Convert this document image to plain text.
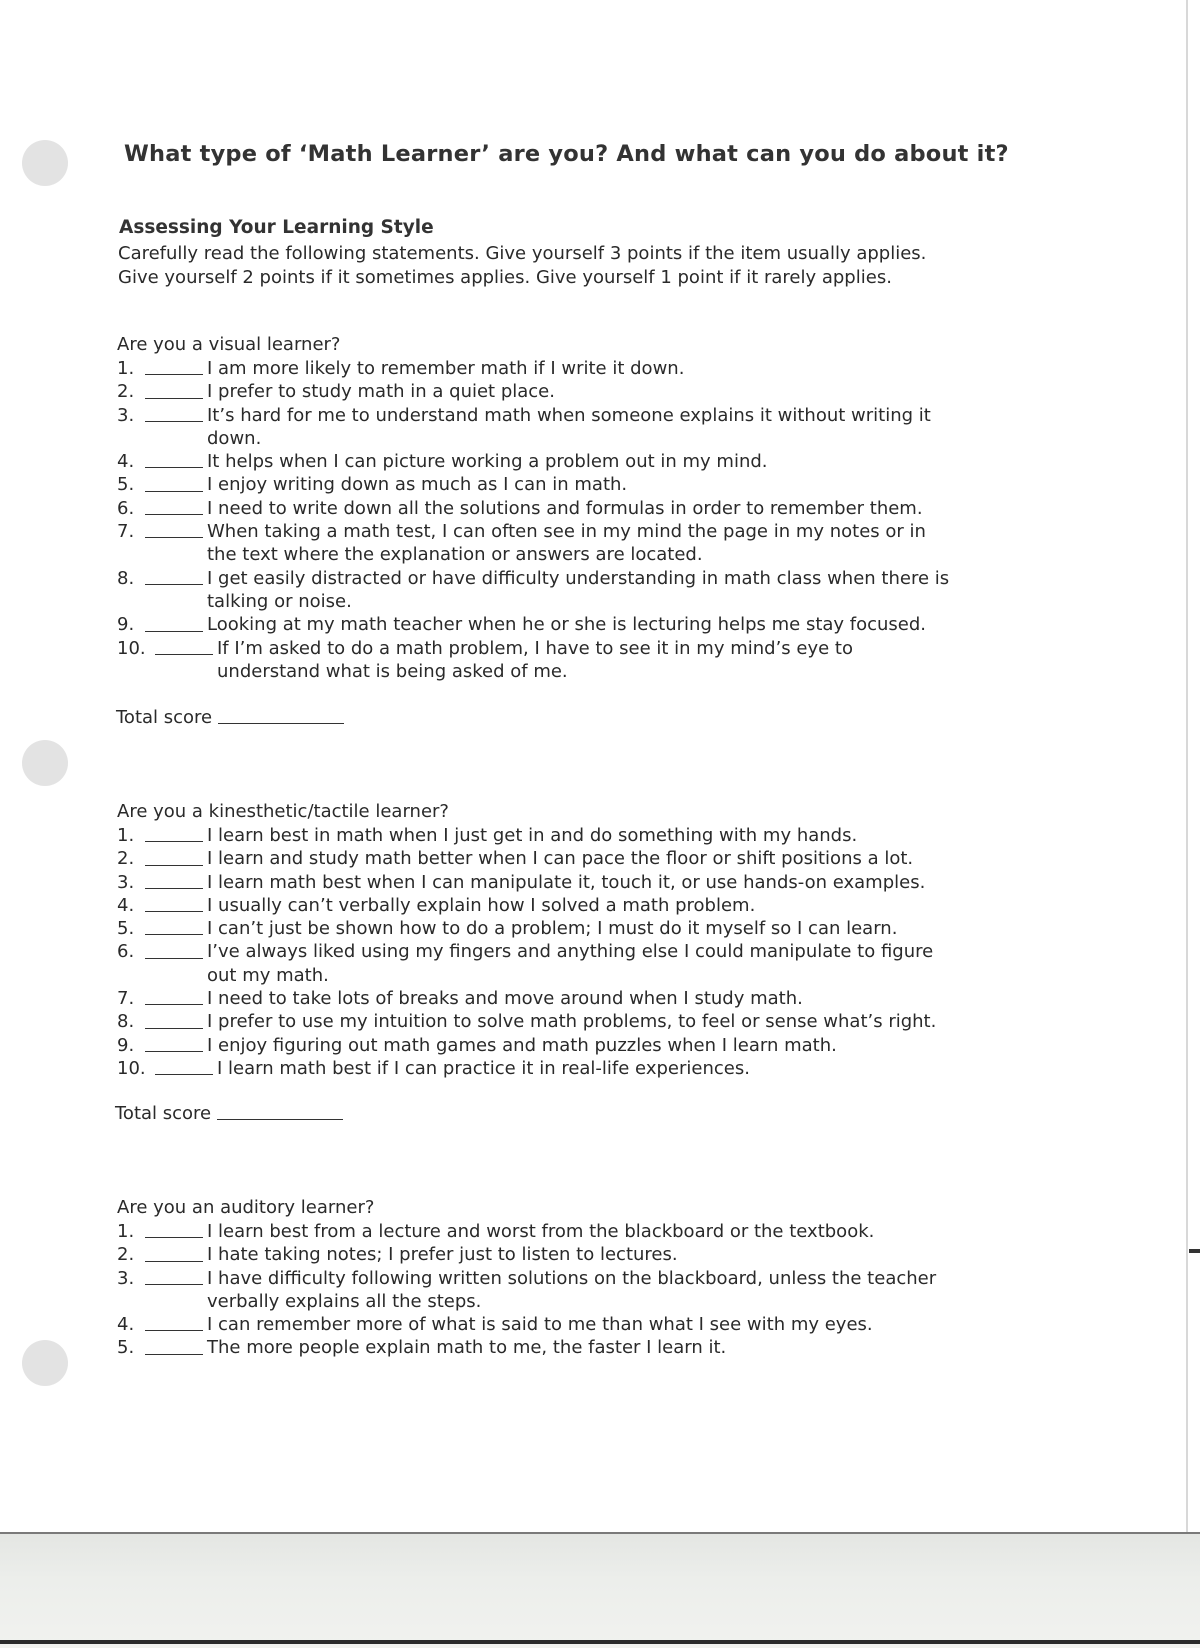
What type of ‘Math Learner’ are you? And what can you do about it?
Assessing Your Learning Style
Carefully read the following statements. Give yourself 3 points if the item usually applies.
Give yourself 2 points if it sometimes applies. Give yourself 1 point if it rarely applies.
Are you a visual learner?
1.	I am more likely to remember math if I write it down.
2.	I prefer to study math in a quiet place.
3.	It’s hard for me to understand math when someone explains it without writing it
down.
4.	It helps when I can picture working a problem out in my mind.
5.	I enjoy writing down as much as I can in math.
6.	I need to write down all the solutions and formulas in order to remember them.
7.	When taking a math test, I can often see in my mind the page in my notes or in
the text where the explanation or answers are located.
8.	I get easily distracted or have difficulty understanding in math class when there is
talking or noise.
9.	Looking at my math teacher when he or she is lecturing helps me stay focused.
10.	If I’m asked to do a math problem, I have to see it in my mind’s eye to
understand what is being asked of me.
Total score
Are you a kinesthetic/tactile learner?
1.	I learn best in math when I just get in and do something with my hands.
2.	I learn and study math better when I can pace the floor or shift positions a lot.
3.	I learn math best when I can manipulate it, touch it, or use hands-on examples.
4.	I usually can’t verbally explain how I solved a math problem.
5.	I can’t just be shown how to do a problem; I must do it myself so I can learn.
6.	I’ve always liked using my fingers and anything else I could manipulate to figure
out my math.
7.	I need to take lots of breaks and move around when I study math.
8.	I prefer to use my intuition to solve math problems, to feel or sense what’s right.
9.	I enjoy figuring out math games and math puzzles when I learn math.
10.	I learn math best if I can practice it in real-life experiences.
Total score
Are you an auditory learner?
1.	I learn best from a lecture and worst from the blackboard or the textbook.
2.	I hate taking notes; I prefer just to listen to lectures.
3.	I have difficulty following written solutions on the blackboard, unless the teacher
verbally explains all the steps.
4.	I can remember more of what is said to me than what I see with my eyes.
5.	The more people explain math to me, the faster I learn it.
